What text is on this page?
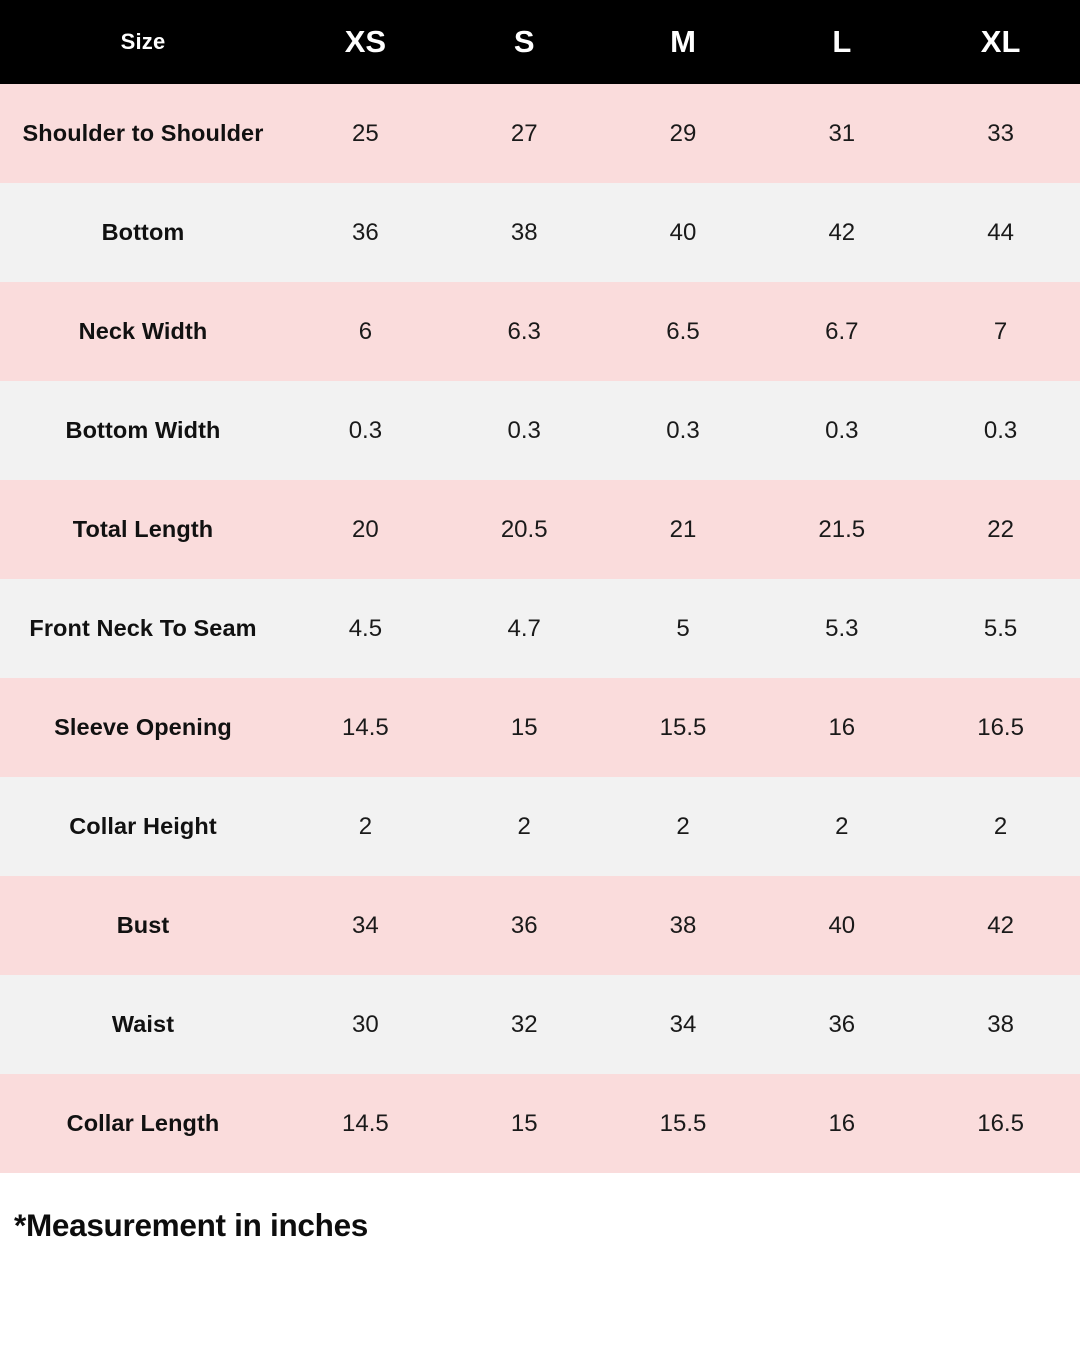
Size	XS	S	M	L	XL
Shoulder to Shoulder	25	27	29	31	33
Bottom	36	38	40	42	44
Neck Width	6	6.3	6.5	6.7	7
Bottom Width	0.3	0.3	0.3	0.3	0.3
Total Length	20	20.5	21	21.5	22
Front Neck To Seam	4.5	4.7	5	5.3	5.5
Sleeve Opening	14.5	15	15.5	16	16.5
Collar Height	2	2	2	2	2
Bust	34	36	38	40	42
Waist	30	32	34	36	38
Collar Length	14.5	15	15.5	16	16.5

*Measurement in inches
